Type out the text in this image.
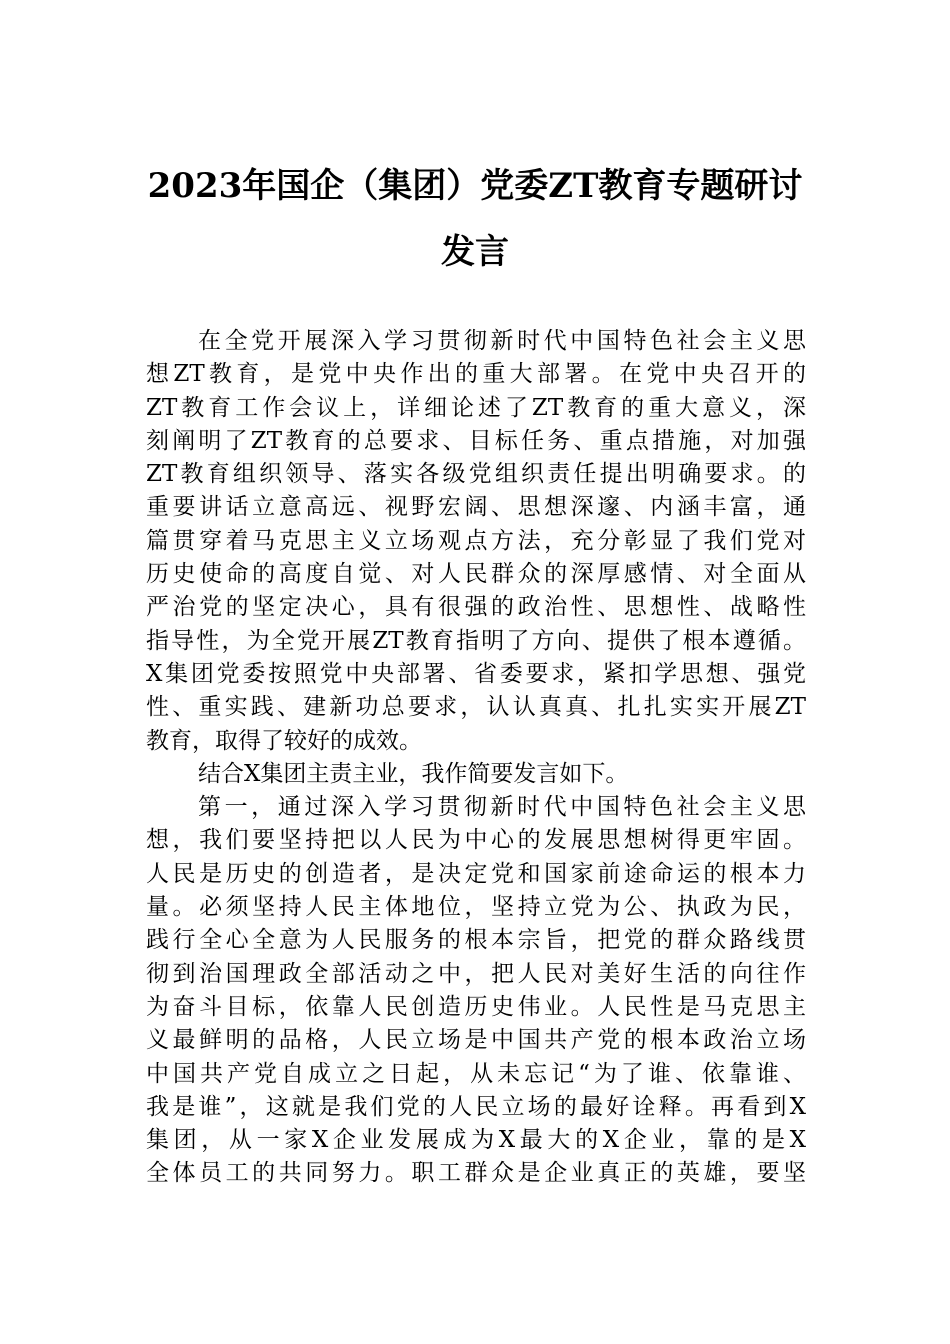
2023年国企（集团）党委ZT教育专题研讨
发言
在全党开展深入学习贯彻新时代中国特色社会主义思
想ZT教育，是党中央作出的重大部署。在党中央召开的
ZT教育工作会议上，详细论述了ZT教育的重大意义，深
刻阐明了ZT教育的总要求、目标任务、重点措施，对加强
ZT教育组织领导、落实各级党组织责任提出明确要求。的
重要讲话立意高远、视野宏阔、思想深邃、内涵丰富，通
篇贯穿着马克思主义立场观点方法，充分彰显了我们党对
历史使命的高度自觉、对人民群众的深厚感情、对全面从
严治党的坚定决心，具有很强的政治性、思想性、战略性
指导性，为全党开展ZT教育指明了方向、提供了根本遵循。
X集团党委按照党中央部署、省委要求，紧扣学思想、强党
性、重实践、建新功总要求，认认真真、扎扎实实开展ZT
教育，取得了较好的成效。
结合X集团主责主业，我作简要发言如下。
第一，通过深入学习贯彻新时代中国特色社会主义思
想，我们要坚持把以人民为中心的发展思想树得更牢固。
人民是历史的创造者，是决定党和国家前途命运的根本力
量。必须坚持人民主体地位，坚持立党为公、执政为民，
践行全心全意为人民服务的根本宗旨，把党的群众路线贯
彻到治国理政全部活动之中，把人民对美好生活的向往作
为奋斗目标，依靠人民创造历史伟业。人民性是马克思主
义最鲜明的品格，人民立场是中国共产党的根本政治立场
中国共产党自成立之日起，从未忘记“为了谁、依靠谁、
我是谁”，这就是我们党的人民立场的最好诠释。再看到X
集团，从一家X企业发展成为X最大的X企业，靠的是X
全体员工的共同努力。职工群众是企业真正的英雄，要坚
